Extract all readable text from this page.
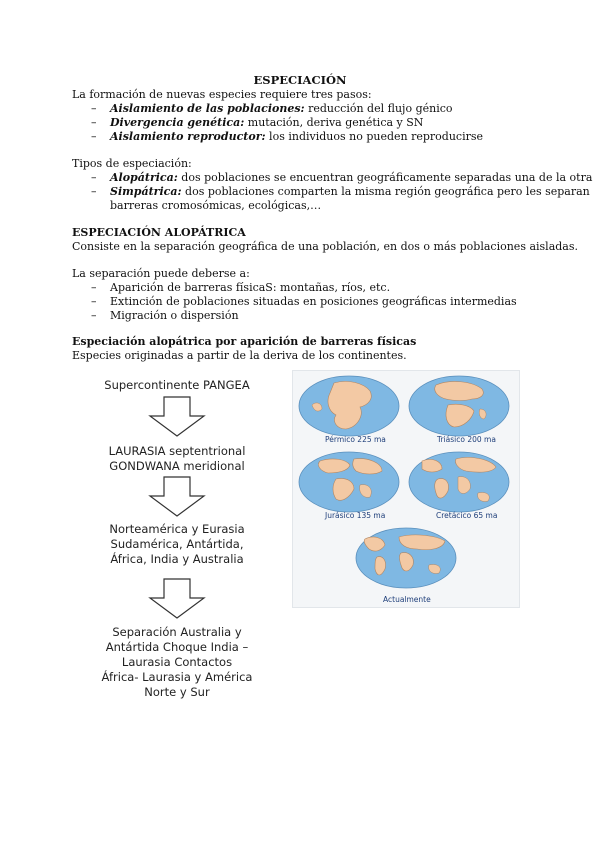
ESPECIACIÓN
La formación de nuevas especies requiere tres pasos:
– Aislamiento de las poblaciones: reducción del flujo génico
– Divergencia genética: mutación, deriva genética y SN
– Aislamiento reproductor: los individuos no pueden reproducirse
Tipos de especiación:
– Alopátrica: dos poblaciones se encuentran geográficamente separadas una de la otra
– Simpátrica: dos poblaciones comparten la misma región geográfica pero les separan
barreras cromosómicas, ecológicas,…
ESPECIACIÓN ALOPÁTRICA
Consiste en la separación geográfica de una población, en dos o más poblaciones aisladas.
La separación puede deberse a:
– Aparición de barreras físicaS: montañas, ríos, etc.
– Extinción de poblaciones situadas en posiciones geográficas intermedias
– Migración o dispersión
Especiación alopátrica por aparición de barreras físicas
Especies originadas a partir de la deriva de los continentes.
Supercontinente PANGEA
LAURASIA septentrional
GONDWANA meridional
Norteamérica y Eurasia
Sudamérica, Antártida,
África, India y Australia
Separación Australia y
Antártida Choque India –
Laurasia Contactos
África- Laurasia y América
Norte y Sur
Pérmico 225 ma	Triásico 200 ma
Jurásico 135 ma	Cretácico 65 ma
Actualmente
